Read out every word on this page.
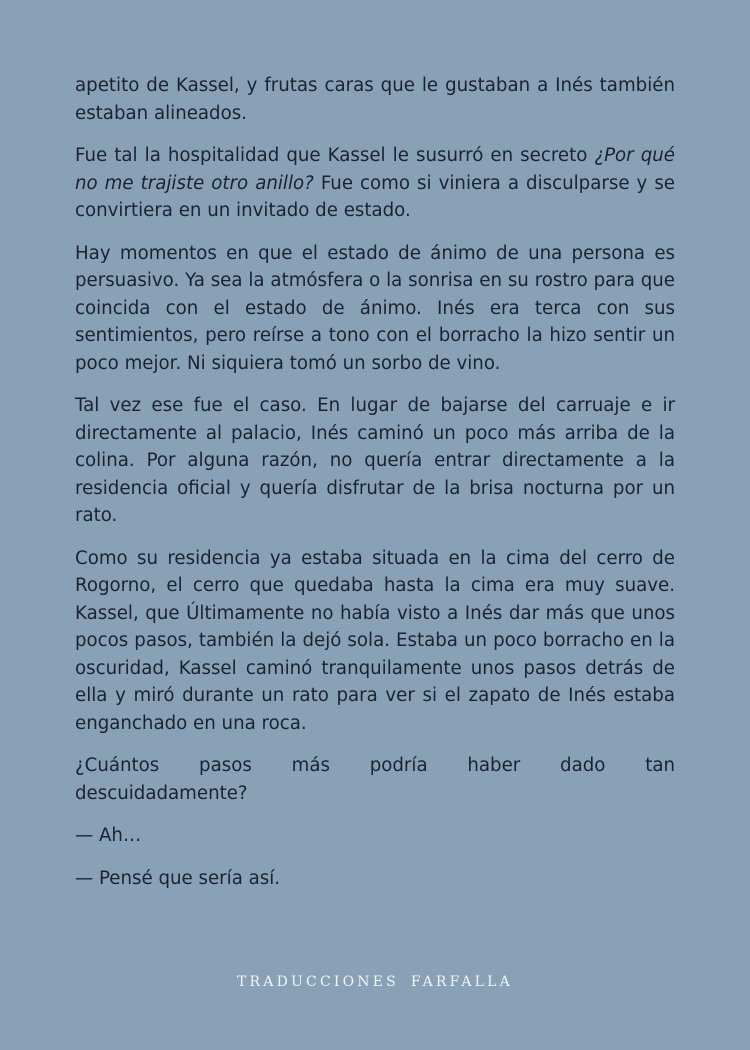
apetito de Kassel, y frutas caras que le gustaban a Inés también estaban alineados.

Fue tal la hospitalidad que Kassel le susurró en secreto ¿Por qué no me trajiste otro anillo? Fue como si viniera a disculparse y se convirtiera en un invitado de estado.

Hay momentos en que el estado de ánimo de una persona es persuasivo. Ya sea la atmósfera o la sonrisa en su rostro para que coincida con el estado de ánimo. Inés era terca con sus sentimientos, pero reírse a tono con el borracho la hizo sentir un poco mejor. Ni siquiera tomó un sorbo de vino.

Tal vez ese fue el caso. En lugar de bajarse del carruaje e ir directamente al palacio, Inés caminó un poco más arriba de la colina. Por alguna razón, no quería entrar directamente a la residencia oficial y quería disfrutar de la brisa nocturna por un rato.

Como su residencia ya estaba situada en la cima del cerro de Rogorno, el cerro que quedaba hasta la cima era muy suave. Kassel, que Últimamente no había visto a Inés dar más que unos pocos pasos, también la dejó sola. Estaba un poco borracho en la oscuridad, Kassel caminó tranquilamente unos pasos detrás de ella y miró durante un rato para ver si el zapato de Inés estaba enganchado en una roca.

¿Cuántos pasos más podría haber dado tan
descuidadamente?

— Ah…

— Pensé que sería así.

TRADUCCIONES FARFALLA
